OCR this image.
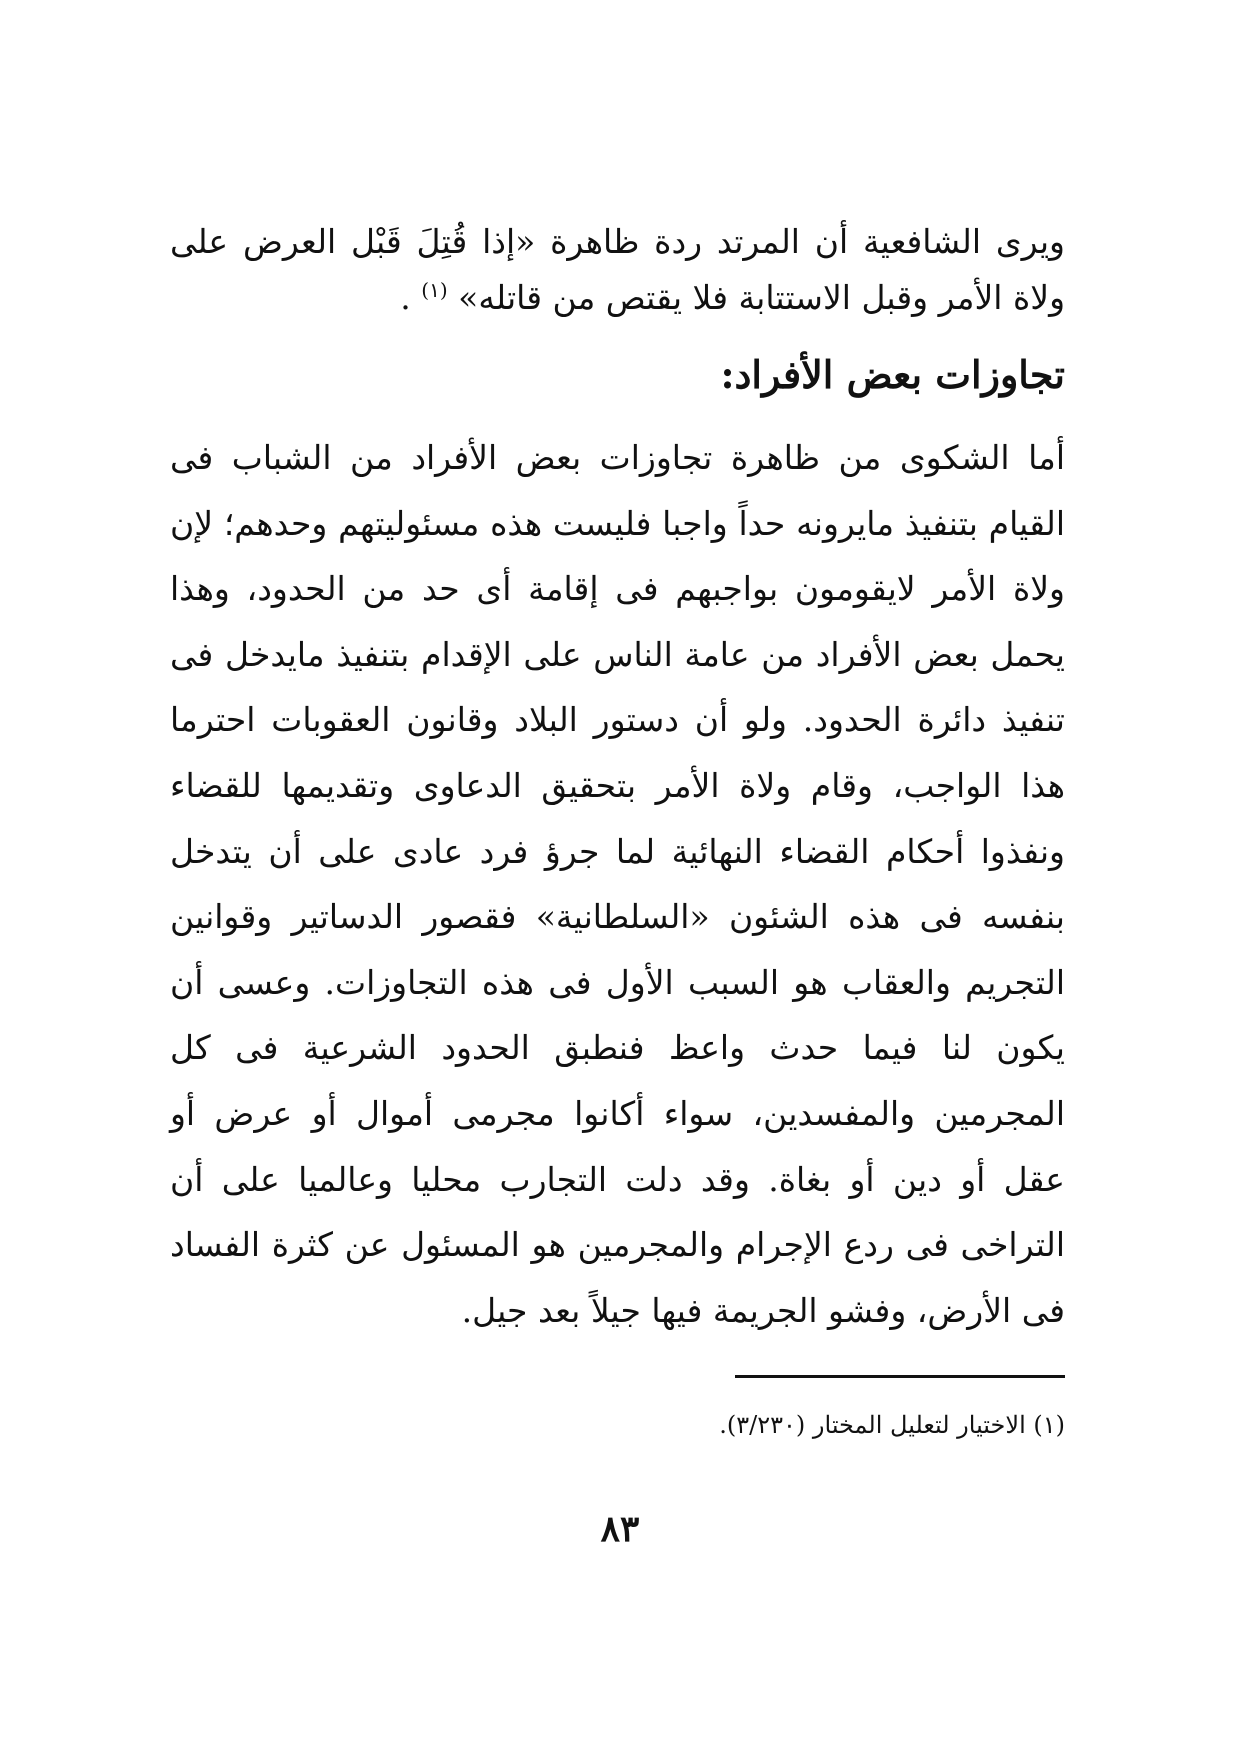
ويرى الشافعية أن المرتد ردة ظاهرة «إذا قُتِلَ قَبْل العرض على ولاة الأمر وقبل الاستتابة فلا يقتص من قاتله» $^{(١)}$ .

تجاوزات بعض الأفراد:

أما الشكوى من ظاهرة تجاوزات بعض الأفراد من الشباب فى القيام بتنفيذ مايرونه حداً واجبا فليست هذه مسئوليتهم وحدهم؛ لإن ولاة الأمر لايقومون بواجبهم فى إقامة أى حد من الحدود، وهذا يحمل بعض الأفراد من عامة الناس على الإقدام بتنفيذ مايدخل فى تنفيذ دائرة الحدود. ولو أن دستور البلاد وقانون العقوبات احترما هذا الواجب، وقام ولاة الأمر بتحقيق الدعاوى وتقديمها للقضاء ونفذوا أحكام القضاء النهائية لما جرؤ فرد عادى على أن يتدخل بنفسه فى هذه الشئون «السلطانية» فقصور الدساتير وقوانين التجريم والعقاب هو السبب الأول فى هذه التجاوزات. وعسى أن يكون لنا فيما حدث واعظ فنطبق الحدود الشرعية فى كل المجرمين والمفسدين، سواء أكانوا مجرمى أموال أو عرض أو عقل أو دين أو بغاة. وقد دلت التجارب محليا وعالميا على أن التراخى فى ردع الإجرام والمجرمين هو المسئول عن كثرة الفساد فى الأرض، وفشو الجريمة فيها جيلاً بعد جيل.

(١) الاختيار لتعليل المختار (٣/٢٣٠).

٨٣
